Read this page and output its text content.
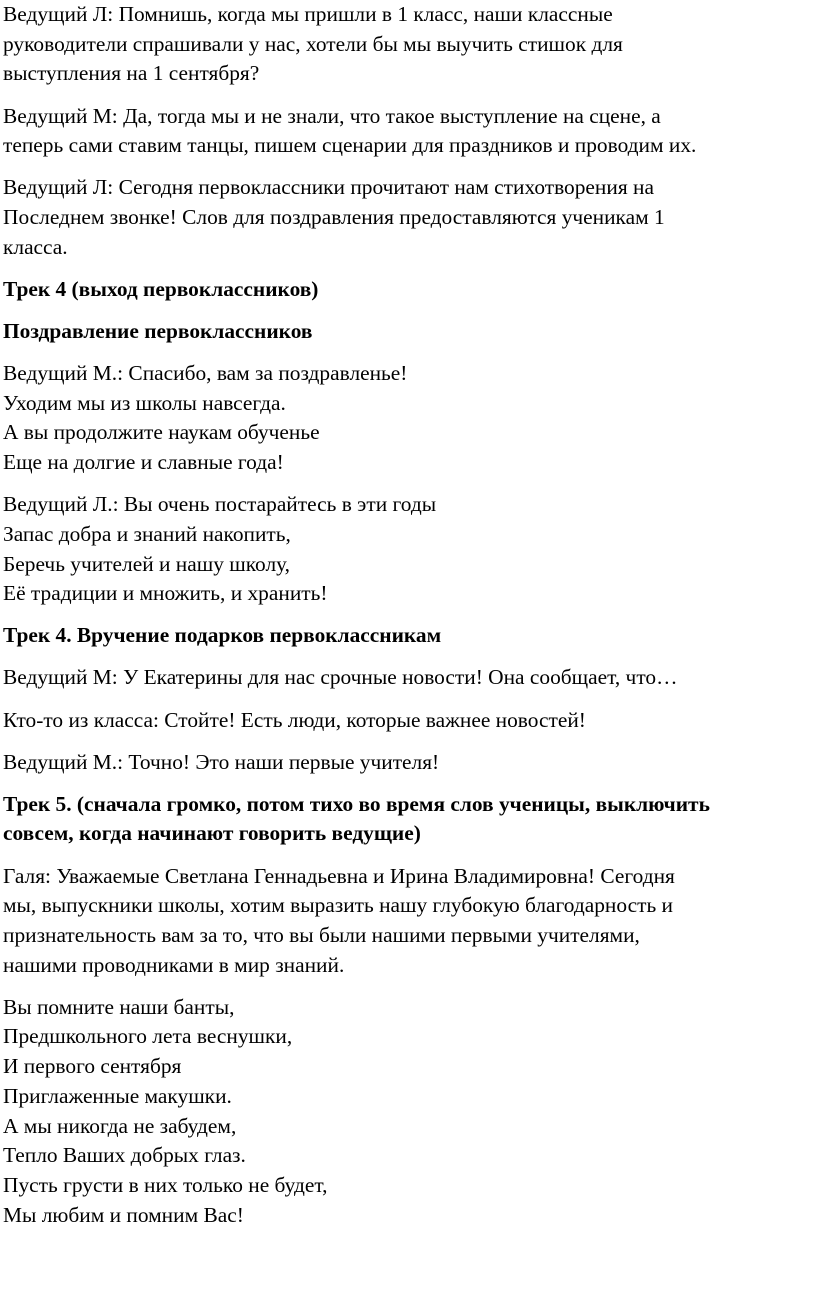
Ведущий Л: Помнишь, когда мы пришли в 1 класс, наши классные
руководители спрашивали у нас, хотели бы мы выучить стишок для
выступления на 1 сентября?
Ведущий М: Да, тогда мы и не знали, что такое выступление на сцене, а
теперь сами ставим танцы, пишем сценарии для праздников и проводим их.
Ведущий Л: Сегодня первоклассники прочитают нам стихотворения на
Последнем звонке! Слов для поздравления предоставляются ученикам 1
класса.
Трек 4 (выход первоклассников)
Поздравление первоклассников
Ведущий М.: Спасибо, вам за поздравленье!
Уходим мы из школы навсегда.
А вы продолжите наукам обученье
Еще на долгие и славные года!
Ведущий Л.: Вы очень постарайтесь в эти годы
Запас добра и знаний накопить,
Беречь учителей и нашу школу,
Её традиции и множить, и хранить!
Трек 4. Вручение подарков первоклассникам
Ведущий М: У Екатерины для нас срочные новости! Она сообщает, что…
Кто-то из класса: Стойте! Есть люди, которые важнее новостей!
Ведущий М.: Точно! Это наши первые учителя!
Трек 5. (сначала громко, потом тихо во время слов ученицы, выключить
совсем, когда начинают говорить ведущие)
Галя: Уважаемые Светлана Геннадьевна и Ирина Владимировна! Сегодня
мы, выпускники школы, хотим выразить нашу глубокую благодарность и
признательность вам за то, что вы были нашими первыми учителями,
нашими проводниками в мир знаний.
Вы помните наши банты,
Предшкольного лета веснушки,
И первого сентября
Приглаженные макушки.
А мы никогда не забудем,
Тепло Ваших добрых глаз.
Пусть грусти в них только не будет,
Мы любим и помним Вас!
